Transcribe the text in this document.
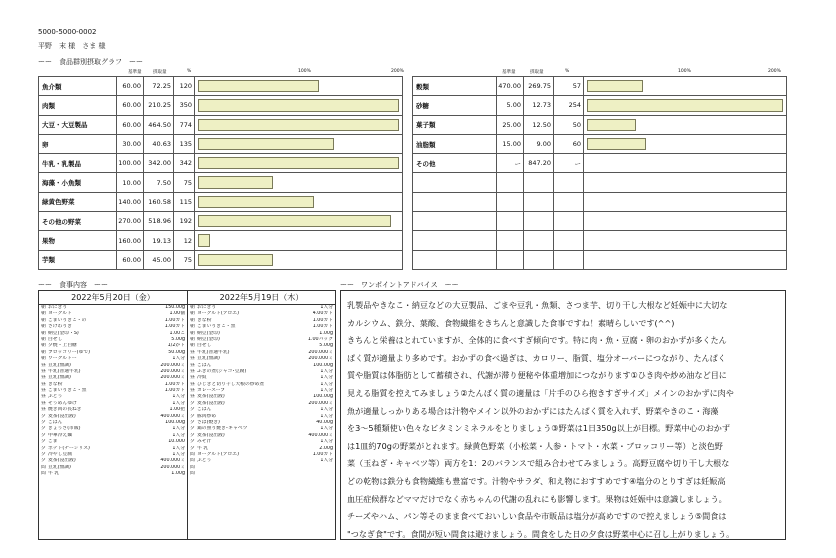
5000-5000-0002
平野　末 様　さま 様
ーー　食品群別摂取グラフ　ーー
基準量	摂取量	%	100%	200%	基準量	摂取量	%	100%	200%
魚介類	60.00	72.25	120	

肉類	60.00	210.25	350	

大豆・大豆製品	60.00	464.50	774	

卵	30.00	40.63	135	

牛乳・乳製品	100.00	342.00	342	

海藻・小魚類	10.00	7.50	75	

緑黄色野菜	140.00	160.58	115	

その他の野菜	270.00	518.96	192	

果物	160.00	19.13	12	

芋類	60.00	45.00	75	
穀類	470.00	269.75	57	

砂糖	5.00	12.73	254	

菓子類	25.00	12.50	50	

油脂類	15.00	9.00	60	

その他	ー	847.20	ー	

ーー　食事内容　ーー	ーー　ワンポイントアドバイス　ーー
2022年5月20日（金）
朝 おにぎり	150.00g
朝 ヨーグルト	1.00個
朝 ごまいりぎこ・の	1.00カト
朝 さけわりぎ	1.00カト
朝 納豆(金印・S)	1.00こ
朝 白ぜし	5.00g
朝 夕焼・上白糖	1/2かト
朝 ブロッコリー(ゆで)	50.00g
朝 ワークルトー	1人分
昼 豆乳(無調)	200.000ミ
昼 牛乳(普通牛乳)	200.000ミ
昼 豆乳(無調)	200.000ミ
昼 きな粉	1.00カト
昼 ごまいりぎこ・黒	1.00カト
昼 ぶどう	1人分
昼 そうめんゆげ	1人分
昼 焼き肉の長ねぎ	1.00把
夕 麦茶(浸出液)	400.000ミ
夕 ごはん	100.00g
夕 ぎょうざ(市販)	1人分
夕 中華冷え麺	1人分
夕 ごま	10.000
夕 ポテト(ナーシリス)	1人分
夕 冷やし豆腐	1人分
夕 麦茶(浸出液)	400.000ミ
間 豆乳(無調)	200.000ミ
間 牛 乳	1.00g
2022年5月19日（木）
朝 おにぎり	1人分
朝 ヨーグルト(アロエ)	4.00カト
朝 きな粉	1.00カト
朝 ごまいりぎこ・黒	1.00カト
朝 納豆(金印)	1.00g
朝 納豆(金印)	1.00パック
朝 白ぜし	5.00g
昼 牛乳(普通牛乳)	200.000ミ
昼 豆乳(無調)	200.000ミ
昼 ごはん	100.00g
昼 ふきの煮(ジャコ･豆腐)	1人分
昼 冷奴	1人分
昼 ひじきと切り干し大根の炒め煮	1人分
昼 カレースープ	1人分
昼 麦茶(浸出液)	100.00g
夕 麦茶(浸出液)	200.000ミ
夕 ごはん	1人分
夕 豚肉炒め	1人分
夕 さば(焼き)	40.00g
夕 鶏の照り焼き･キャベツ	1人分
夕 麦茶(浸出液)	400.000ミ
夕 みそ汁	1人分
夕 牛 乳	2.00g
間 ヨーグルト(アロエ)	1.00カト
間 ぶどう	1人分
間
間
乳製品やきなこ・納豆などの大豆製品、ごまや豆乳・魚類、さつま芋、切り干し大根など妊娠中に大切な
カルシウム、鉄分、葉酸、食物繊維をきちんと意識した食事ですね！素晴らしいです(^^)
きちんと栄養はとれていますが、全体的に食べすぎ傾向です。特に肉・魚・豆腐・卵のおかずが多くたん
ぱく質が適量より多めです。おかずの食べ過ぎは、カロリー、脂質、塩分オーバーにつながり、たんぱく
質や脂質は体脂肪として蓄積され、代謝が滞り便秘や体重増加につながります①ひき肉や炒め油など目に
見える脂質を控えてみましょう②たんぱく質の適量は「片手のひら抱きすぎサイズ」メインのおかずに肉や
魚が適量しっかりある場合は汁物やメイン以外のおかずにはたんぱく質を入れず、野菜やきのこ・海藻
を3〜5種類使い色々なビタミンミネラルをとりましょう③野菜は1日350g以上が目標。野菜中心のおかず
は1皿約70gの野菜がとれます。緑黄色野菜（小松菜・人参・トマト・水菜・ブロッコリー等）と淡色野
菜（玉ねぎ・キャベツ等）両方を1：2のバランスで組み合わせてみましょう。高野豆腐や切り干し大根な
どの乾物は鉄分も食物繊維も豊富です。汁物やサラダ、和え物におすすめです④塩分のとりすぎは妊娠高
血圧症候群などママだけでなく赤ちゃんの代謝の乱れにも影響します。果物は妊娠中は意識しましょう。
チーズやハム、パン等そのまま食べておいしい食品や市販品は塩分が高めですので控えましょう⑤間食は
"つなぎ食"です。食間が短い間食は避けましょう。間食をした日の夕食は野菜中心に召し上がりましょう。
